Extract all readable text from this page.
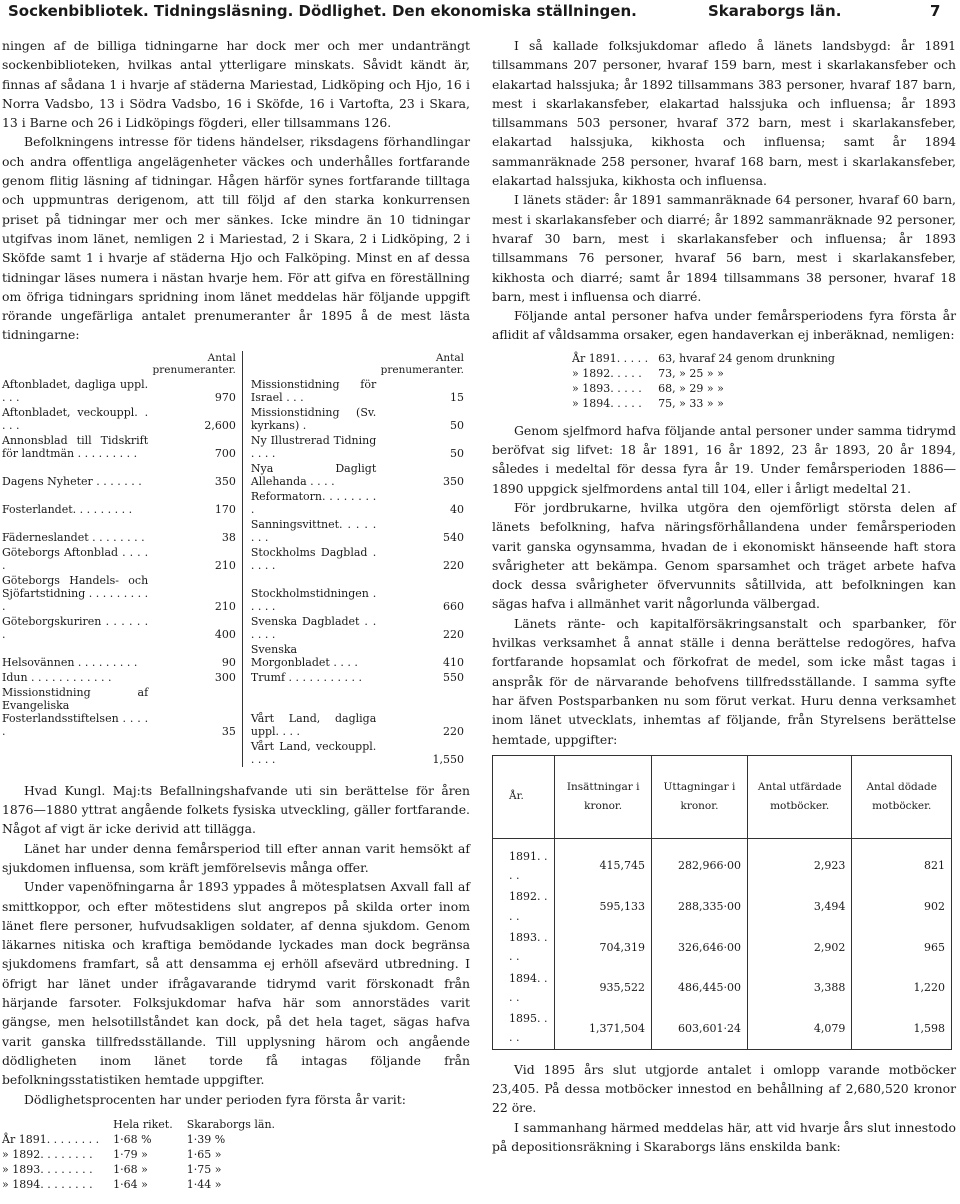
Sockenbibliotek. Tidningsläsning. Dödlighet. Den ekonomiska ställningen.	Skaraborgs län.	7

ningen af de billiga tidningarne har dock mer och mer undanträngt sockenbiblioteken, hvilkas antal ytterligare minskats. Såvidt kändt är, finnas af sådana 1 i hvarje af städerna Mariestad, Lidköping och Hjo, 16 i Norra Vadsbo, 13 i Södra Vadsbo, 16 i Sköfde, 16 i Vartofta, 23 i Skara, 13 i Barne och 26 i Lidköpings fögderi, eller tillsammans 126.

Befolkningens intresse för tidens händelser, riksdagens förhandlingar och andra offentliga angelägenheter väckes och underhålles fortfarande genom flitig läsning af tidningar. Hågen härför synes fortfarande tilltaga och uppmuntras derigenom, att till följd af den starka konkurrensen priset på tidningar mer och mer sänkes. Icke mindre än 10 tidningar utgifvas inom länet, nemligen 2 i Mariestad, 2 i Skara, 2 i Lidköping, 2 i Sköfde samt 1 i hvarje af städerna Hjo och Falköping. Minst en af dessa tidningar läses numera i nästan hvarje hem. För att gifva en föreställning om öfriga tidningars spridning inom länet meddelas här följande uppgift rörande ungefärliga antalet prenumeranter år 1895 å de mest lästa tidningarne:

	Antal prenumeranter.		Antal prenumeranter.
Aftonbladet, dagliga uppl. . . .	970	Missionstidning för Israel . . .	15
Aftonbladet, veckouppl. . . . .	2,600	Missionstidning (Sv. kyrkans) .	50
Annonsblad till Tidskrift för landtmän . . . . . . . . .	700	Ny Illustrerad Tidning . . . .	50
Dagens Nyheter . . . . . . .	350	Nya Dagligt Allehanda . . . .	350
Fosterlandet. . . . . . . . .	170	Reformatorn. . . . . . . . .	40
Fäderneslandet . . . . . . . .	38	Sanningsvittnet. . . . . . . .	540
Göteborgs Aftonblad . . . . .	210	Stockholms Dagblad . . . . .	220
Göteborgs Handels- och Sjöfartstidning . . . . . . . . . .	210	Stockholmstidningen . . . . .	660
Göteborgskuriren . . . . . . .	400	Svenska Dagbladet . . . . . .	220
Helsovännen . . . . . . . . .	90	Svenska Morgonbladet . . . .	410
Idun . . . . . . . . . . . .	300	Trumf . . . . . . . . . . .	550
Missionstidning af Evangeliska Fosterlandsstiftelsen . . . . .	35	Vårt Land, dagliga uppl. . . .	220
		Vårt Land, veckouppl. . . . .	1,550

Hvad Kungl. Maj:ts Befallningshafvande uti sin berättelse för åren 1876—1880 yttrat angående folkets fysiska utveckling, gäller fortfarande. Något af vigt är icke derivid att tillägga.

Länet har under denna femårsperiod till efter annan varit hemsökt af sjukdomen influensa, som kräft jemförelsevis många offer.

Under vapenöfningarna år 1893 yppades å mötesplatsen Axvall fall af smittkoppor, och efter mötestidens slut angrepos på skilda orter inom länet flere personer, hufvudsakligen soldater, af denna sjukdom. Genom läkarnes nitiska och kraftiga bemödande lyckades man dock begränsa sjukdomens framfart, så att densamma ej erhöll afsevärd utbredning. I öfrigt har länet under ifrågavarande tidrymd varit förskonadt från härjande farsoter. Folksjukdomar hafva här som annorstädes varit gängse, men helsotillståndet kan dock, på det hela taget, sägas hafva varit ganska tillfredsställande. Till upplysning härom och angående dödligheten inom länet torde få intagas följande från befolkningsstatistiken hemtade uppgifter.

Dödlighetsprocenten har under perioden fyra första år varit:

	Hela riket.	Skaraborgs län.
År 1891. . . . . . . .	1·68 %	1·39 %
» 1892. . . . . . . .	1·79 »	1·65 »
» 1893. . . . . . . .	1·68 »	1·75 »
» 1894. . . . . . . .	1·64 »	1·44 »

I så kallade folksjukdomar afledo å länets landsbygd: år 1891 tillsammans 207 personer, hvaraf 159 barn, mest i skarlakansfeber och elakartad halssjuka; år 1892 tillsammans 383 personer, hvaraf 187 barn, mest i skarlakansfeber, elakartad halssjuka och influensa; år 1893 tillsammans 503 personer, hvaraf 372 barn, mest i skarlakansfeber, elakartad halssjuka, kikhosta och influensa; samt år 1894 sammanräknade 258 personer, hvaraf 168 barn, mest i skarlakansfeber, elakartad halssjuka, kikhosta och influensa.

I länets städer: år 1891 sammanräknade 64 personer, hvaraf 60 barn, mest i skarlakansfeber och diarré; år 1892 sammanräknade 92 personer, hvaraf 30 barn, mest i skarlakansfeber och influensa; år 1893 tillsammans 76 personer, hvaraf 56 barn, mest i skarlakansfeber, kikhosta och diarré; samt år 1894 tillsammans 38 personer, hvaraf 18 barn, mest i influensa och diarré.

Följande antal personer hafva under femårsperiodens fyra första år aflidit af våldsamma orsaker, egen handaverkan ej inberäknad, nemligen:

År 1891. . . . .	63, hvaraf 24 genom drunkning
» 1892. . . . .	73, » 25 » »
» 1893. . . . .	68, » 29 » »
» 1894. . . . .	75, » 33 » »

Genom sjelfmord hafva följande antal personer under samma tidrymd beröfvat sig lifvet: 18 år 1891, 16 år 1892, 23 år 1893, 20 år 1894, således i medeltal för dessa fyra år 19. Under femårsperioden 1886—1890 uppgick sjelfmordens antal till 104, eller i årligt medeltal 21.

För jordbrukarne, hvilka utgöra den ojemförligt största delen af länets befolkning, hafva näringsförhållandena under femårsperioden varit ganska ogynsamma, hvadan de i ekonomiskt hänseende haft stora svårigheter att bekämpa. Genom sparsamhet och träget arbete hafva dock dessa svårigheter öfvervunnits såtillvida, att befolkningen kan sägas hafva i allmänhet varit någorlunda välbergad.

Länets ränte- och kapitalförsäkringsanstalt och sparbanker, för hvilkas verksamhet å annat ställe i denna berättelse redogöres, hafva fortfarande hopsamlat och förkofrat de medel, som icke måst tagas i anspråk för de närvarande behofvens tillfredsställande. I samma syfte har äfven Postsparbanken nu som förut verkat. Huru denna verksamhet inom länet utvecklats, inhemtas af följande, från Styrelsens berättelse hemtade, uppgifter:

År.	Insättningar i kronor.	Uttagningar i kronor.	Antal utfärdade motböcker.	Antal dödade motböcker.
1891. . . .	415,745	282,966·00	2,923	821
1892. . . .	595,133	288,335·00	3,494	902
1893. . . .	704,319	326,646·00	2,902	965
1894. . . .	935,522	486,445·00	3,388	1,220
1895. . . .	1,371,504	603,601·24	4,079	1,598

Vid 1895 års slut utgjorde antalet i omlopp varande motböcker 23,405. På dessa motböcker innestod en behållning af 2,680,520 kronor 22 öre.

I sammanhang härmed meddelas här, att vid hvarje års slut innestodo på depositionsräkning i Skaraborgs läns enskilda bank:
